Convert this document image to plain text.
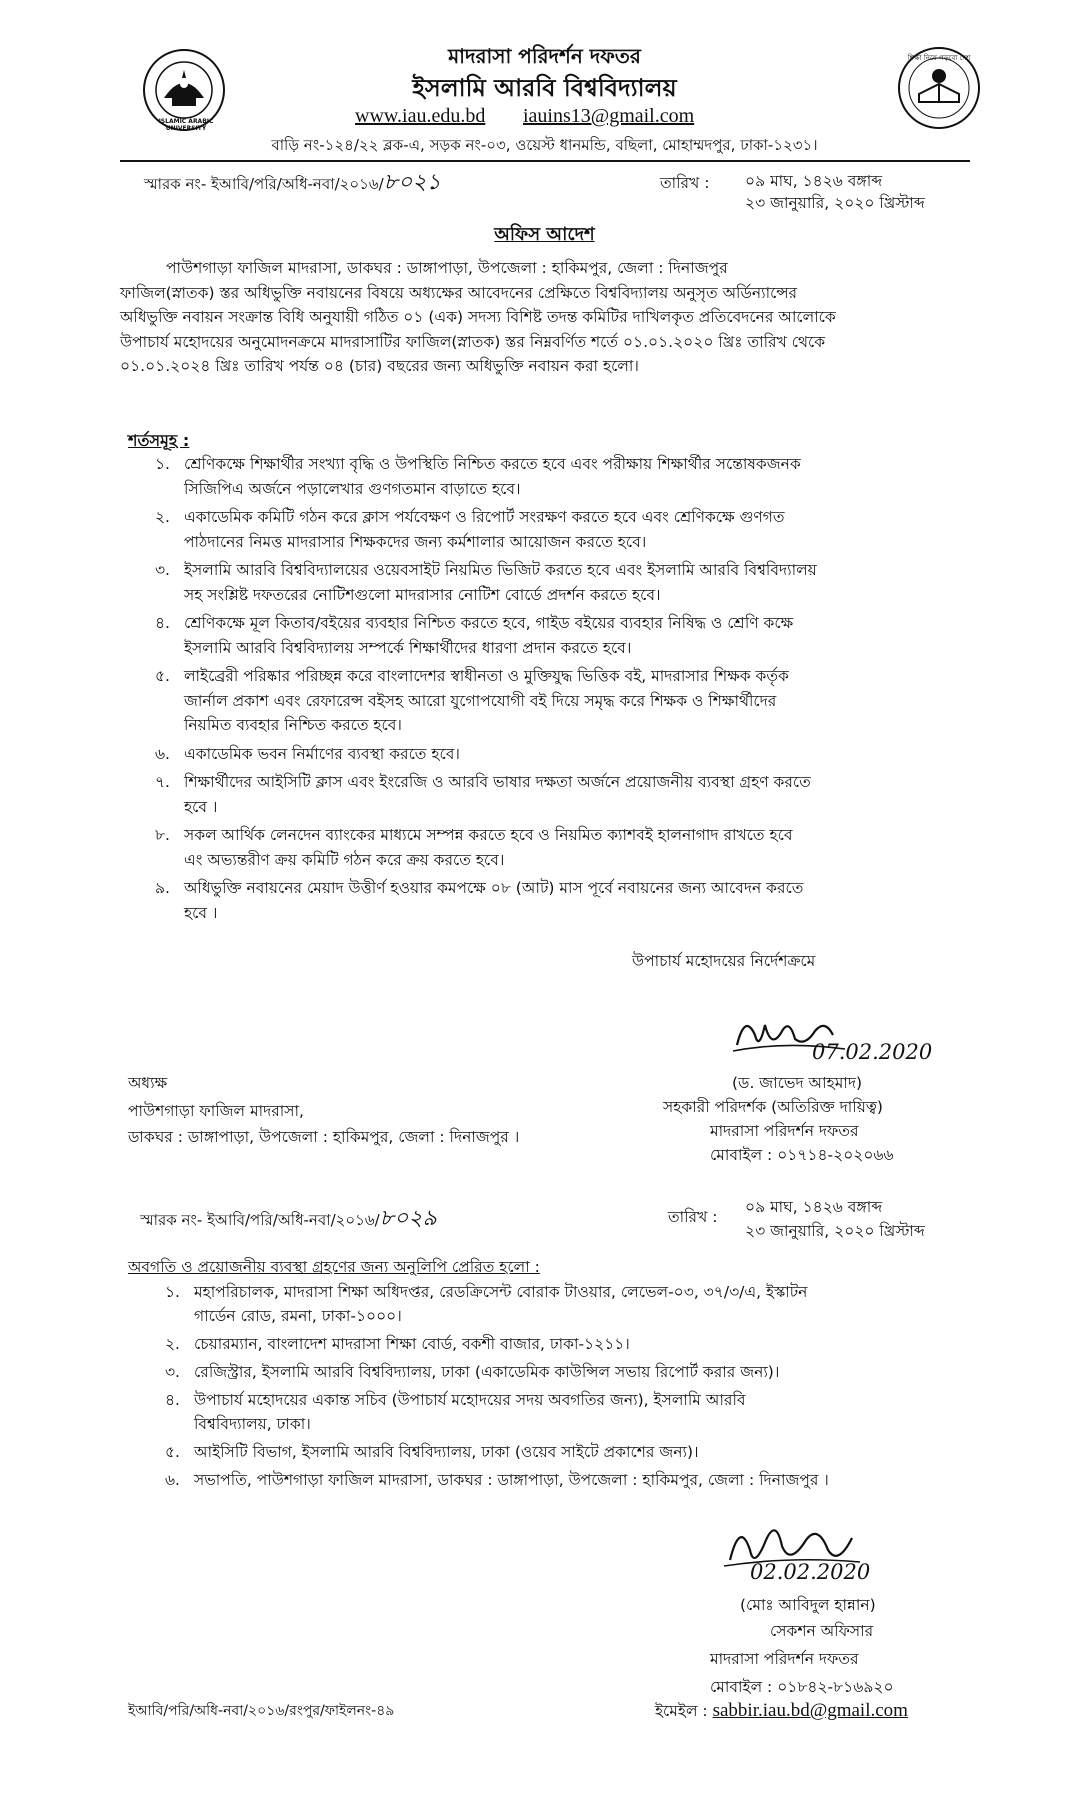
ISLAMIC ARABIC UNIVERSITY
শিক্ষা নিয়ে গড়বো দেশ
মাদরাসা পরিদর্শন দফতর
ইসলামি আরবি বিশ্ববিদ্যালয়
www.iau.edu.bd iauins13@gmail.com
বাড়ি নং-১২৪/২২ ব্লক-এ, সড়ক নং-০৩, ওয়েস্ট ধানমন্ডি, বছিলা, মোহাম্মদপুর, ঢাকা-১২৩১।
স্মারক নং- ইআবি/পরি/অধি-নবা/২০১৬/৮০২১	তারিখ : ০৯ মাঘ, ১৪২৬ বঙ্গাব্দ
২৩ জানুয়ারি, ২০২০ খ্রিস্টাব্দ
অফিস আদেশ
পাউশগাড়া ফাজিল মাদরাসা, ডাকঘর : ডাঙ্গাপাড়া, উপজেলা : হাকিমপুর, জেলা : দিনাজপুর
ফাজিল(স্নাতক) স্তর অধিভুক্তি নবায়নের বিষয়ে অধ্যক্ষের আবেদনের প্রেক্ষিতে বিশ্ববিদ্যালয় অনুসৃত অর্ডিন্যান্সের
অধিভুক্তি নবায়ন সংক্রান্ত বিধি অনুযায়ী গঠিত ০১ (এক) সদস্য বিশিষ্ট তদন্ত কমিটির দাখিলকৃত প্রতিবেদনের আলোকে
উপাচার্য মহোদয়ের অনুমোদনক্রমে মাদরাসাটির ফাজিল(স্নাতক) স্তর নিম্নবর্ণিত শর্তে ০১.০১.২০২০ খ্রিঃ তারিখ থেকে
০১.০১.২০২৪ খ্রিঃ তারিখ পর্যন্ত ০৪ (চার) বছরের জন্য অধিভুক্তি নবায়ন করা হলো।
শর্তসমূহ :
১. শ্রেণিকক্ষে শিক্ষার্থীর সংখ্যা বৃদ্ধি ও উপস্থিতি নিশ্চিত করতে হবে এবং পরীক্ষায় শিক্ষার্থীর সন্তোষকজনক
সিজিপিএ অর্জনে পড়ালেখার গুণগতমান বাড়াতে হবে।
২. একাডেমিক কমিটি গঠন করে ক্লাস পর্যবেক্ষণ ও রিপোর্ট সংরক্ষণ করতে হবে এবং শ্রেণিকক্ষে গুণগত
পাঠদানের নিমত্ত মাদরাসার শিক্ষকদের জন্য কর্মশালার আয়োজন করতে হবে।
৩. ইসলামি আরবি বিশ্ববিদ্যালয়ের ওয়েবসাইট নিয়মিত ভিজিট করতে হবে এবং ইসলামি আরবি বিশ্ববিদ্যালয়
সহ সংশ্লিষ্ট দফতরের নোটিশগুলো মাদরাসার নোটিশ বোর্ডে প্রদর্শন করতে হবে।
৪. শ্রেণিকক্ষে মূল কিতাব/বইয়ের ব্যবহার নিশ্চিত করতে হবে, গাইড বইয়ের ব্যবহার নিষিদ্ধ ও শ্রেণি কক্ষে
ইসলামি আরবি বিশ্ববিদ্যালয় সম্পর্কে শিক্ষার্থীদের ধারণা প্রদান করতে হবে।
৫. লাইব্রেরী পরিষ্কার পরিচ্ছন্ন করে বাংলাদেশর স্বাধীনতা ও মুক্তিযুদ্ধ ভিত্তিক বই, মাদরাসার শিক্ষক কর্তৃক
জার্নাল প্রকাশ এবং রেফারেন্স বইসহ আরো যুগোপযোগী বই দিয়ে সমৃদ্ধ করে শিক্ষক ও শিক্ষার্থীদের
নিয়মিত ব্যবহার নিশ্চিত করতে হবে।
৬. একাডেমিক ভবন নির্মাণের ব্যবস্থা করতে হবে।
৭. শিক্ষার্থীদের আইসিটি ক্লাস এবং ইংরেজি ও আরবি ভাষার দক্ষতা অর্জনে প্রয়োজনীয় ব্যবস্থা গ্রহণ করতে
হবে ।
৮. সকল আর্থিক লেনদেন ব্যাংকের মাধ্যমে সম্পন্ন করতে হবে ও নিয়মিত ক্যাশবই হালনাগাদ রাখতে হবে
এং অভ্যন্তরীণ ক্রয় কমিটি গঠন করে ক্রয় করতে হবে।
৯. অধিভুক্তি নবায়নের মেয়াদ উত্তীর্ণ হওয়ার কমপক্ষে ০৮ (আট) মাস পূর্বে নবায়নের জন্য আবেদন করতে
হবে ।
উপাচার্য মহোদয়ের নির্দেশক্রমে
07.02.2020
(ড. জাভেদ আহমাদ)
সহকারী পরিদর্শক (অতিরিক্ত দায়িত্ব)
মাদরাসা পরিদর্শন দফতর
মোবাইল : ০১৭১৪-২০২০৬৬
অধ্যক্ষ
পাউশগাড়া ফাজিল মাদরাসা,
ডাকঘর : ডাঙ্গাপাড়া, উপজেলা : হাকিমপুর, জেলা : দিনাজপুর ।
স্মারক নং- ইআবি/পরি/অধি-নবা/২০১৬/৮০২৯	তারিখ :
০৯ মাঘ, ১৪২৬ বঙ্গাব্দ
২৩ জানুয়ারি, ২০২০ খ্রিস্টাব্দ
অবগতি ও প্রয়োজনীয় ব্যবস্থা গ্রহণের জন্য অনুলিপি প্রেরিত হলো :
১. মহাপরিচালক, মাদরাসা শিক্ষা অধিদপ্তর, রেডক্রিসেন্ট বোরাক টাওয়ার, লেভেল-০৩, ৩৭/৩/এ, ইস্কাটন
গার্ডেন রোড, রমনা, ঢাকা-১০০০।
২. চেয়ারম্যান, বাংলাদেশ মাদরাসা শিক্ষা বোর্ড, বকশী বাজার, ঢাকা-১২১১।
৩. রেজিস্ট্রার, ইসলামি আরবি বিশ্ববিদ্যালয়, ঢাকা (একাডেমিক কাউন্সিল সভায় রিপোর্ট করার জন্য)।
৪. উপাচার্য মহোদয়ের একান্ত সচিব (উপাচার্য মহোদয়ের সদয় অবগতির জন্য), ইসলামি আরবি
বিশ্ববিদ্যালয়, ঢাকা।
৫. আইসিটি বিভাগ, ইসলামি আরবি বিশ্ববিদ্যালয়, ঢাকা (ওয়েব সাইটে প্রকাশের জন্য)।
৬. সভাপতি, পাউশগাড়া ফাজিল মাদরাসা, ডাকঘর : ডাঙ্গাপাড়া, উপজেলা : হাকিমপুর, জেলা : দিনাজপুর ।
02.02.2020
(মোঃ আবিদুল হান্নান)
সেকশন অফিসার
মাদরাসা পরিদর্শন দফতর
মোবাইল : ০১৮৪২-৮১৬৯২০
ইমেইল : sabbir.iau.bd@gmail.com
ইআবি/পরি/অধি-নবা/২০১৬/রংপুর/ফাইলনং-৪৯
